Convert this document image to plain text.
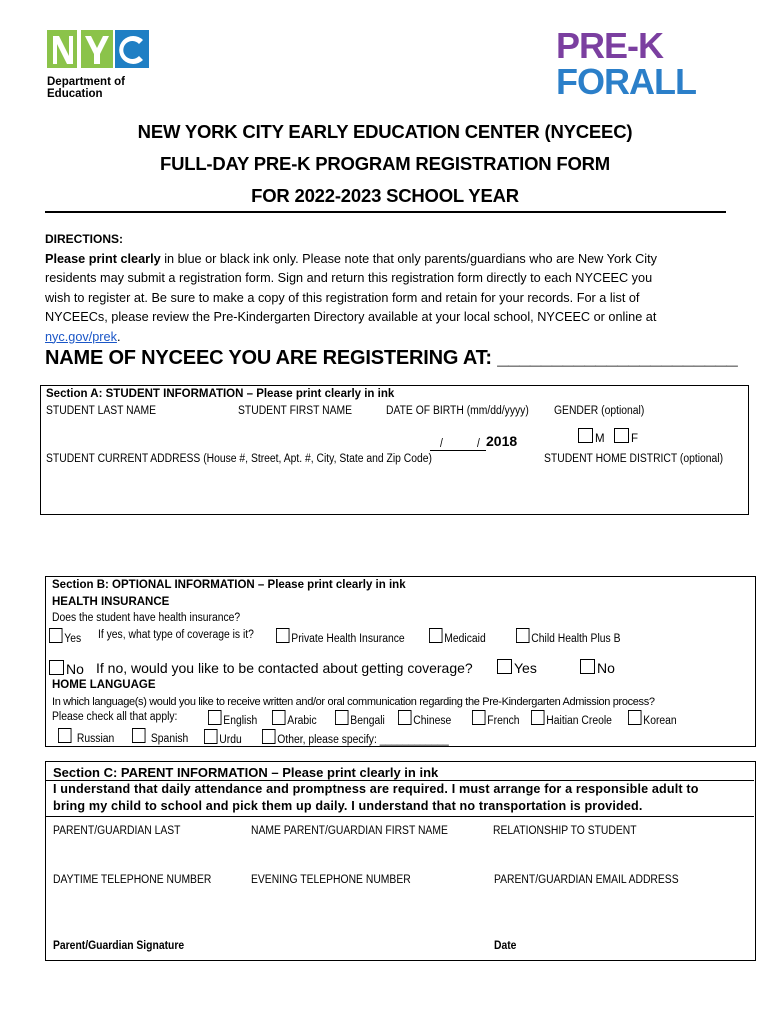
Department of
Education
PRE-K
FORALL
NEW YORK CITY EARLY EDUCATION CENTER (NYCEEC)
FULL-DAY PRE-K PROGRAM REGISTRATION FORM
FOR 2022-2023 SCHOOL YEAR
DIRECTIONS:
Please print clearly in blue or black ink only. Please note that only parents/guardians who are New York City
residents may submit a registration form. Sign and return this registration form directly to each NYCEEC you
wish to register at. Be sure to make a copy of this registration form and retain for your records. For a list of
NYCEECs, please review the Pre-Kindergarten Directory available at your local school, NYCEEC or online at
nyc.gov/prek.
NAME OF NYCEEC YOU ARE REGISTERING AT: ______________________
Section A: STUDENT INFORMATION – Please print clearly in ink
STUDENT LAST NAME	STUDENT FIRST NAME	DATE OF BIRTH (mm/dd/yyyy) GENDER (optional)
/	/ 2018	M	F
STUDENT CURRENT ADDRESS (House #, Street, Apt. #, City, State and Zip Code)	STUDENT HOME DISTRICT (optional)
Section B: OPTIONAL INFORMATION – Please print clearly in ink
HEALTH INSURANCE
Does the student have health insurance?
Yes If yes, what type of coverage is it?	Private Health Insurance	Medicaid	Child Health Plus B
No If no, would you like to be contacted about getting coverage?	Yes	No
HOME LANGUAGE
In which language(s) would you like to receive written and/or oral communication regarding the Pre-Kindergarten Admission process?
Please check all that apply:	English	Arabic	Bengali	Chinese	French	Haitian Creole	Korean
Russian	Spanish	Urdu	Other, please specify: ____________
Section C: PARENT INFORMATION – Please print clearly in ink
I understand that daily attendance and promptness are required. I must arrange for a responsible adult to
bring my child to school and pick them up daily. I understand that no transportation is provided.
PARENT/GUARDIAN LAST	NAME PARENT/GUARDIAN FIRST NAME	RELATIONSHIP TO STUDENT
DAYTIME TELEPHONE NUMBER	EVENING TELEPHONE NUMBER	PARENT/GUARDIAN EMAIL ADDRESS
Parent/Guardian Signature	Date
